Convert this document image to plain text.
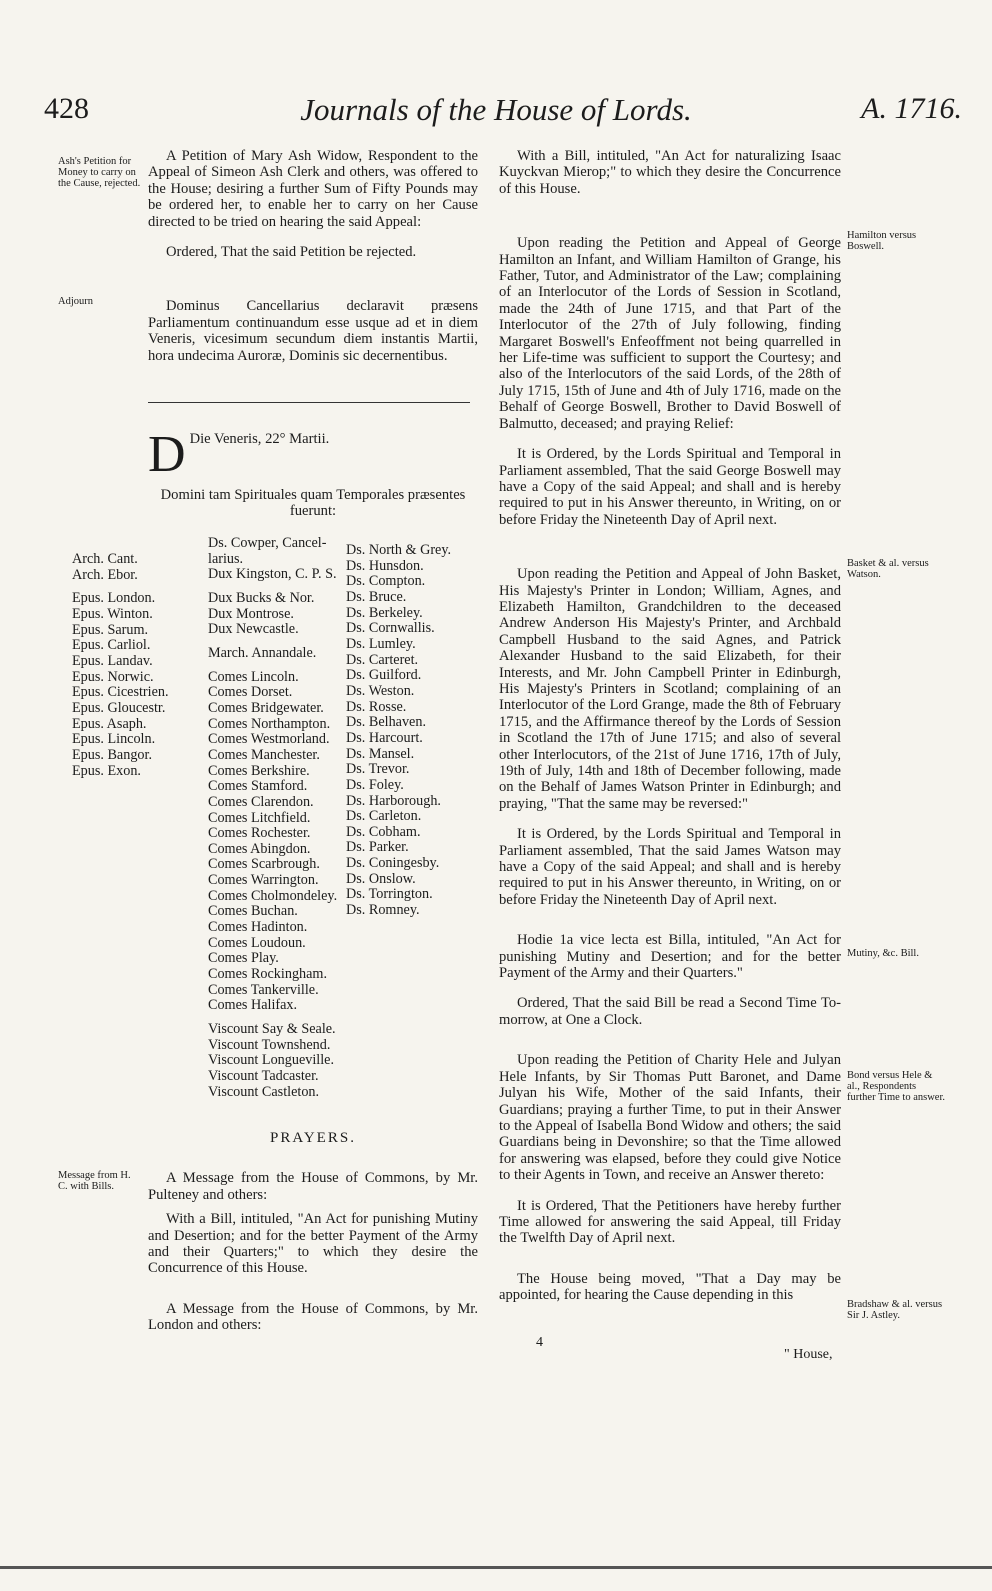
428	Journals of the House of Lords.	A. 1716.
Ash's Petition for Money to carry on the Cause, rejected.
Adjourn
Message from H. C. with Bills.
Hamilton versus Boswell.
Basket & al. versus Watson.
Mutiny, &c. Bill.
Bond versus Hele & al., Respondents further Time to answer.
Bradshaw & al. versus Sir J. Astley.

A Petition of Mary Ash Widow, Respondent to the Appeal of Simeon Ash Clerk and others, was offered to the House; desiring a further Sum of Fifty Pounds may be ordered her, to enable her to carry on her Cause directed to be tried on hearing the said Appeal:

Ordered, That the said Petition be rejected.

Dominus Cancellarius declaravit præsens Parliamentum continuandum esse usque ad et in diem Veneris, vicesimum secundum diem instantis Martii, hora undecima Auroræ, Dominis sic decernentibus.

D Die Veneris, 22° Martii.

Domini tam Spirituales quam Temporales præsentes fuerunt:

Arch. Cant.
Arch. Ebor.

Epus. London.
Epus. Winton.
Epus. Sarum.
Epus. Carliol.
Epus. Landav.
Epus. Norwic.
Epus. Cicestrien.
Epus. Gloucestr.
Epus. Asaph.
Epus. Lincoln.
Epus. Bangor.
Epus. Exon.
Ds. Cowper, Cancel-
larius.
Dux Kingston, C. P. S.

Dux Bucks & Nor.
Dux Montrose.
Dux Newcastle.

March. Annandale.

Comes Lincoln.
Comes Dorset.
Comes Bridgewater.
Comes Northampton.
Comes Westmorland.
Comes Manchester.
Comes Berkshire.
Comes Stamford.
Comes Clarendon.
Comes Litchfield.
Comes Rochester.
Comes Abingdon.
Comes Scarbrough.
Comes Warrington.
Comes Cholmondeley.
Comes Buchan.
Comes Hadinton.
Comes Loudoun.
Comes Play.
Comes Rockingham.
Comes Tankerville.
Comes Halifax.

Viscount Say & Seale.
Viscount Townshend.
Viscount Longueville.
Viscount Tadcaster.
Viscount Castleton.
Ds. North & Grey.
Ds. Hunsdon.
Ds. Compton.
Ds. Bruce.
Ds. Berkeley.
Ds. Cornwallis.
Ds. Lumley.
Ds. Carteret.
Ds. Guilford.
Ds. Weston.
Ds. Rosse.
Ds. Belhaven.
Ds. Harcourt.
Ds. Mansel.
Ds. Trevor.
Ds. Foley.
Ds. Harborough.
Ds. Carleton.
Ds. Cobham.
Ds. Parker.
Ds. Coningesby.
Ds. Onslow.
Ds. Torrington.
Ds. Romney.

PRAYERS.

A Message from the House of Commons, by Mr. Pulteney and others:

With a Bill, intituled, "An Act for punishing Mutiny and Desertion; and for the better Payment of the Army and their Quarters;" to which they desire the Concurrence of this House.

A Message from the House of Commons, by Mr. London and others:

With a Bill, intituled, "An Act for naturalizing Isaac Kuyckvan Mierop;" to which they desire the Concurrence of this House.

Upon reading the Petition and Appeal of George Hamilton an Infant, and William Hamilton of Grange, his Father, Tutor, and Administrator of the Law; complaining of an Interlocutor of the Lords of Session in Scotland, made the 24th of June 1715, and that Part of the Interlocutor of the 27th of July following, finding Margaret Boswell's Enfeoffment not being quarrelled in her Life-time was sufficient to support the Courtesy; and also of the Interlocutors of the said Lords, of the 28th of July 1715, 15th of June and 4th of July 1716, made on the Behalf of George Boswell, Brother to David Boswell of Balmutto, deceased; and praying Relief:

It is Ordered, by the Lords Spiritual and Temporal in Parliament assembled, That the said George Boswell may have a Copy of the said Appeal; and shall and is hereby required to put in his Answer thereunto, in Writing, on or before Friday the Nineteenth Day of April next.

Upon reading the Petition and Appeal of John Basket, His Majesty's Printer in London; William, Agnes, and Elizabeth Hamilton, Grandchildren to the deceased Andrew Anderson His Majesty's Printer, and Archbald Campbell Husband to the said Agnes, and Patrick Alexander Husband to the said Elizabeth, for their Interests, and Mr. John Campbell Printer in Edinburgh, His Majesty's Printers in Scotland; complaining of an Interlocutor of the Lord Grange, made the 8th of February 1715, and the Affirmance thereof by the Lords of Session in Scotland the 17th of June 1715; and also of several other Interlocutors, of the 21st of June 1716, 17th of July, 19th of July, 14th and 18th of December following, made on the Behalf of James Watson Printer in Edinburgh; and praying, "That the same may be reversed:"

It is Ordered, by the Lords Spiritual and Temporal in Parliament assembled, That the said James Watson may have a Copy of the said Appeal; and shall and is hereby required to put in his Answer thereunto, in Writing, on or before Friday the Nineteenth Day of April next.

Hodie 1a vice lecta est Billa, intituled, "An Act for punishing Mutiny and Desertion; and for the better Payment of the Army and their Quarters."

Ordered, That the said Bill be read a Second Time To-morrow, at One a Clock.

Upon reading the Petition of Charity Hele and Julyan Hele Infants, by Sir Thomas Putt Baronet, and Dame Julyan his Wife, Mother of the said Infants, their Guardians; praying a further Time, to put in their Answer to the Appeal of Isabella Bond Widow and others; the said Guardians being in Devonshire; so that the Time allowed for answering was elapsed, before they could give Notice to their Agents in Town, and receive an Answer thereto:

It is Ordered, That the Petitioners have hereby further Time allowed for answering the said Appeal, till Friday the Twelfth Day of April next.

The House being moved, "That a Day may be appointed, for hearing the Cause depending in this

4
" House,
